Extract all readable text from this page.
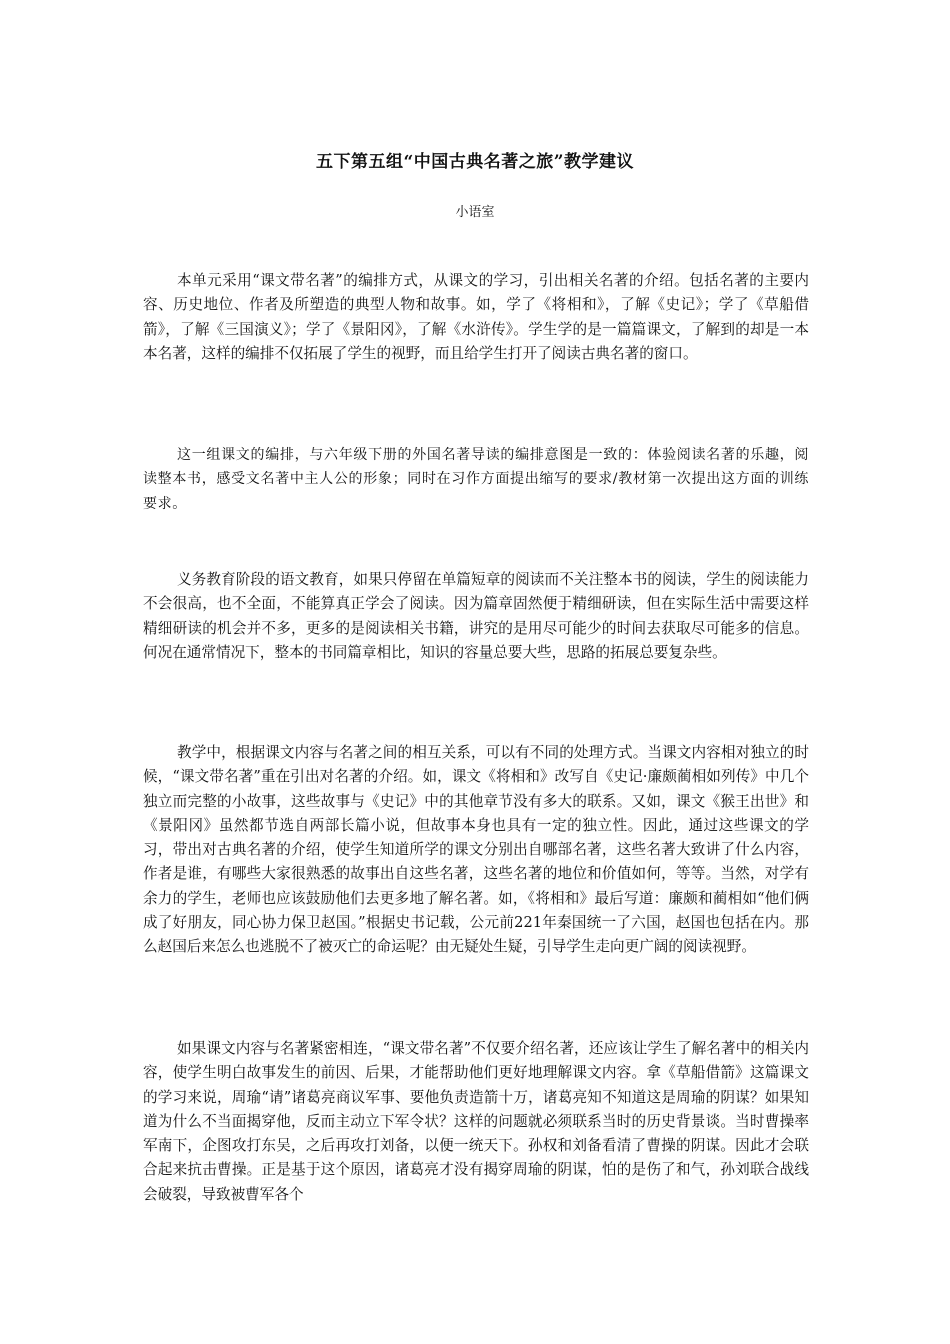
五下第五组“中国古典名著之旅”教学建议

小语室

本单元采用“课文带名著”的编排方式，从课文的学习，引出相关名著的介绍。包括名著的主要内容、历史地位、作者及所塑造的典型人物和故事。如，学了《将相和》，了解《史记》；学了《草船借箭》，了解《三国演义》；学了《景阳冈》，了解《水浒传》。学生学的是一篇篇课文，了解到的却是一本本名著，这样的编排不仅拓展了学生的视野，而且给学生打开了阅读古典名著的窗口。

这一组课文的编排，与六年级下册的外国名著导读的编排意图是一致的：体验阅读名著的乐趣，阅读整本书，感受文名著中主人公的形象；同时在习作方面提出缩写的要求/教材第一次提出这方面的训练要求。

义务教育阶段的语文教育，如果只停留在单篇短章的阅读而不关注整本书的阅读，学生的阅读能力不会很高，也不全面，不能算真正学会了阅读。因为篇章固然便于精细研读，但在实际生活中需要这样精细研读的机会并不多，更多的是阅读相关书籍，讲究的是用尽可能少的时间去获取尽可能多的信息。何况在通常情况下，整本的书同篇章相比，知识的容量总要大些，思路的拓展总要复杂些。

教学中，根据课文内容与名著之间的相互关系，可以有不同的处理方式。当课文内容相对独立的时候，“课文带名著”重在引出对名著的介绍。如，课文《将相和》改写自《史记·廉颇蔺相如列传》中几个独立而完整的小故事，这些故事与《史记》中的其他章节没有多大的联系。又如，课文《猴王出世》和《景阳冈》虽然都节选自两部长篇小说，但故事本身也具有一定的独立性。因此，通过这些课文的学习，带出对古典名著的介绍，使学生知道所学的课文分别出自哪部名著，这些名著大致讲了什么内容，作者是谁，有哪些大家很熟悉的故事出自这些名著，这些名著的地位和价值如何，等等。当然，对学有余力的学生，老师也应该鼓励他们去更多地了解名著。如，《将相和》最后写道：廉颇和蔺相如“他们俩成了好朋友，同心协力保卫赵国。”根据史书记载，公元前221年秦国统一了六国，赵国也包括在内。那么赵国后来怎么也逃脱不了被灭亡的命运呢？由无疑处生疑，引导学生走向更广阔的阅读视野。

如果课文内容与名著紧密相连，“课文带名著”不仅要介绍名著，还应该让学生了解名著中的相关内容，使学生明白故事发生的前因、后果，才能帮助他们更好地理解课文内容。拿《草船借箭》这篇课文的学习来说，周瑜“请”诸葛亮商议军事、要他负责造箭十万，诸葛亮知不知道这是周瑜的阴谋？如果知道为什么不当面揭穿他，反而主动立下军令状？这样的问题就必须联系当时的历史背景谈。当时曹操率军南下，企图攻打东吴，之后再攻打刘备，以便一统天下。孙权和刘备看清了曹操的阴谋。因此才会联合起来抗击曹操。正是基于这个原因，诸葛亮才没有揭穿周瑜的阴谋，怕的是伤了和气，孙刘联合战线会破裂，导致被曹军各个
